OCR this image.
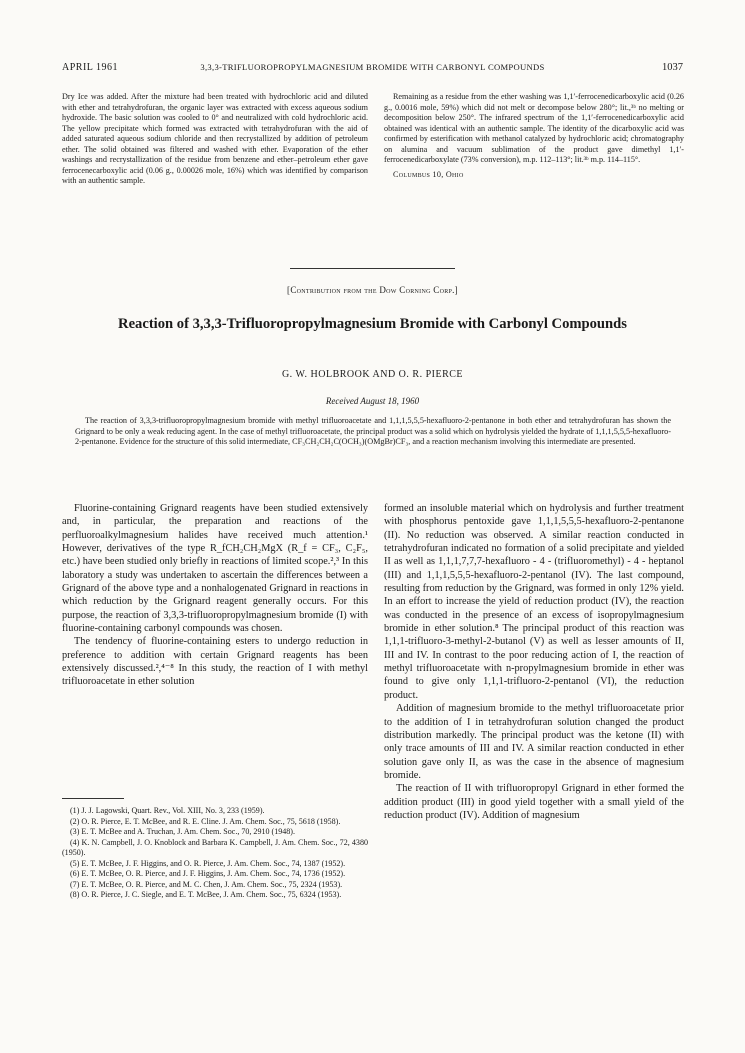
APRIL 1961	3,3,3-TRIFLUOROPROPYLMAGNESIUM BROMIDE WITH CARBONYL COMPOUNDS	1037

Dry Ice was added. After the mixture had been treated with hydrochloric acid and diluted with ether and tetrahydrofuran, the organic layer was extracted with excess aqueous sodium hydroxide. The basic solution was cooled to 0° and neutralized with cold hydrochloric acid. The yellow precipitate which formed was extracted with tetrahydrofuran with the aid of added saturated aqueous sodium chloride and then recrystallized by addition of petroleum ether. The solid obtained was filtered and washed with ether. Evaporation of the ether washings and recrystallization of the residue from benzene and ether–petroleum ether gave ferrocenecarboxylic acid (0.06 g., 0.00026 mole, 16%) which was identified by comparison with an authentic sample.

Remaining as a residue from the ether washing was 1,1′-ferrocenedicarboxylic acid (0.26 g., 0.0016 mole, 59%) which did not melt or decompose below 280°; lit.,³ᵇ no melting or decomposition below 250°. The infrared spectrum of the 1,1′-ferrocenedicarboxylic acid obtained was identical with an authentic sample. The identity of the dicarboxylic acid was confirmed by esterification with methanol catalyzed by hydrochloric acid; chromatography on alumina and vacuum sublimation of the product gave dimethyl 1,1′-ferrocenedicarboxylate (73% conversion), m.p. 112–113°; lit.³ᵇ m.p. 114–115°.

Columbus 10, Ohio

[Contribution from the Dow Corning Corp.]
Reaction of 3,3,3-Trifluoropropylmagnesium Bromide with Carbonyl Compounds
G. W. HOLBROOK AND O. R. PIERCE
Received August 18, 1960
The reaction of 3,3,3-trifluoropropylmagnesium bromide with methyl trifluoroacetate and 1,1,1,5,5,5-hexafluoro-2-pentanone in both ether and tetrahydrofuran has shown the Grignard to be only a weak reducing agent. In the case of methyl trifluoroacetate, the principal product was a solid which on hydrolysis yielded the hydrate of 1,1,1,5,5,5-hexafluoro-2-pentanone. Evidence for the structure of this solid intermediate, CF₃CH₂CH₂C(OCH₃)(OMgBr)CF₃, and a reaction mechanism involving this intermediate are presented.

Fluorine-containing Grignard reagents have been studied extensively and, in particular, the preparation and reactions of the perfluoroalkylmagnesium halides have received much attention.¹ However, derivatives of the type R_fCH₂CH₂MgX (R_f = CF₃, C₂F₅, etc.) have been studied only briefly in reactions of limited scope.²,³ In this laboratory a study was undertaken to ascertain the differences between a Grignard of the above type and a nonhalogenated Grignard in reactions in which reduction by the Grignard reagent generally occurs. For this purpose, the reaction of 3,3,3-trifluoropropylmagnesium bromide (I) with fluorine-containing carbonyl compounds was chosen.

The tendency of fluorine-containing esters to undergo reduction in preference to addition with certain Grignard reagents has been extensively discussed.²,⁴⁻⁸ In this study, the reaction of I with methyl trifluoroacetate in ether solution

formed an insoluble material which on hydrolysis and further treatment with phosphorus pentoxide gave 1,1,1,5,5,5-hexafluoro-2-pentanone (II). No reduction was observed. A similar reaction conducted in tetrahydrofuran indicated no formation of a solid precipitate and yielded II as well as 1,1,1,7,7,7-hexafluoro - 4 - (trifluoromethyl) - 4 - heptanol (III) and 1,1,1,5,5,5-hexafluoro-2-pentanol (IV). The last compound, resulting from reduction by the Grignard, was formed in only 12% yield. In an effort to increase the yield of reduction product (IV), the reaction was conducted in the presence of an excess of isopropylmagnesium bromide in ether solution.⁸ The principal product of this reaction was 1,1,1-trifluoro-3-methyl-2-butanol (V) as well as lesser amounts of II, III and IV. In contrast to the poor reducing action of I, the reaction of methyl trifluoroacetate with n-propylmagnesium bromide in ether was found to give only 1,1,1-trifluoro-2-pentanol (VI), the reduction product.

Addition of magnesium bromide to the methyl trifluoroacetate prior to the addition of I in tetrahydrofuran solution changed the product distribution markedly. The principal product was the ketone (II) with only trace amounts of III and IV. A similar reaction conducted in ether solution gave only II, as was the case in the absence of magnesium bromide.

The reaction of II with trifluoropropyl Grignard in ether formed the addition product (III) in good yield together with a small yield of the reduction product (IV). Addition of magnesium

(1) J. J. Lagowski, Quart. Rev., Vol. XIII, No. 3, 233 (1959).
(2) O. R. Pierce, E. T. McBee, and R. E. Cline. J. Am. Chem. Soc., 75, 5618 (1958).
(3) E. T. McBee and A. Truchan, J. Am. Chem. Soc., 70, 2910 (1948).
(4) K. N. Campbell, J. O. Knoblock and Barbara K. Campbell, J. Am. Chem. Soc., 72, 4380 (1950).
(5) E. T. McBee, J. F. Higgins, and O. R. Pierce, J. Am. Chem. Soc., 74, 1387 (1952).
(6) E. T. McBee, O. R. Pierce, and J. F. Higgins, J. Am. Chem. Soc., 74, 1736 (1952).
(7) E. T. McBee, O. R. Pierce, and M. C. Chen, J. Am. Chem. Soc., 75, 2324 (1953).
(8) O. R. Pierce, J. C. Siegle, and E. T. McBee, J. Am. Chem. Soc., 75, 6324 (1953).
